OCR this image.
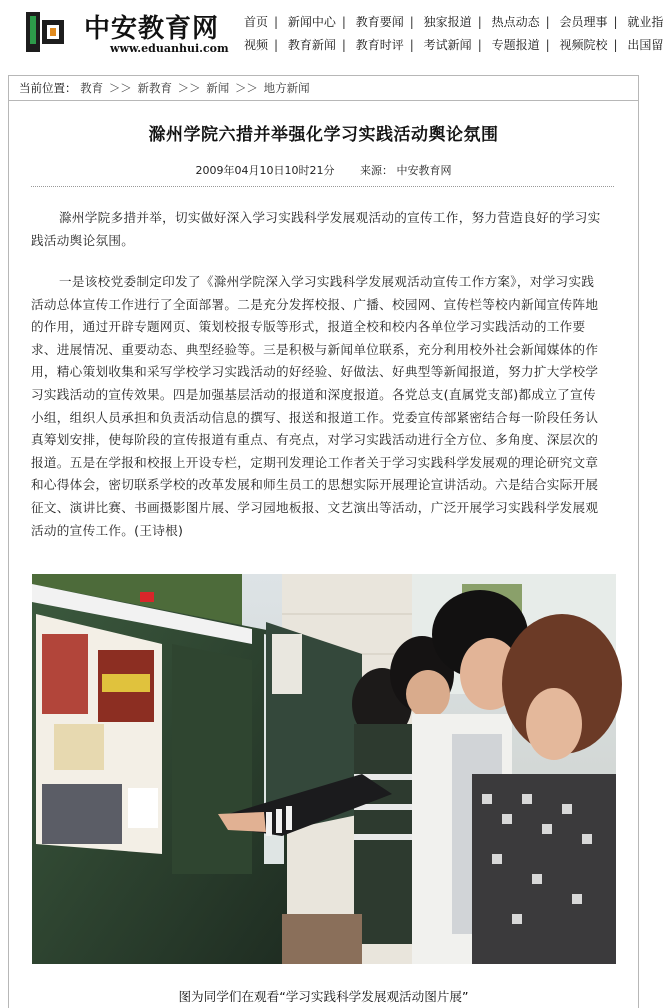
中安教育网
www.eduanhui.com
首页 | 新闻中心 | 教育要闻 | 独家报道 | 热点动态 | 会员理事 | 就业指
视频 | 教育新闻 | 教育时评 | 考试新闻 | 专题报道 | 视频院校 | 出国留
当前位置： 教育 ＞＞ 新教育 ＞＞ 新闻 ＞＞ 地方新闻
滁州学院六措并举强化学习实践活动舆论氛围
2009年04月10日10时21分 来源： 中安教育网

滁州学院多措并举，切实做好深入学习实践科学发展观活动的宣传工作，努力营造良好的学习实践活动舆论氛围。

一是该校党委制定印发了《滁州学院深入学习实践科学发展观活动宣传工作方案》，对学习实践活动总体宣传工作进行了全面部署。二是充分发挥校报、广播、校园网、宣传栏等校内新闻宣传阵地的作用，通过开辟专题网页、策划校报专版等形式，报道全校和校内各单位学习实践活动的工作要求、进展情况、重要动态、典型经验等。三是积极与新闻单位联系，充分利用校外社会新闻媒体的作用，精心策划收集和采写学校学习实践活动的好经验、好做法、好典型等新闻报道，努力扩大学校学习实践活动的宣传效果。四是加强基层活动的报道和深度报道。各党总支(直属党支部)都成立了宣传小组，组织人员承担和负责活动信息的撰写、报送和报道工作。党委宣传部紧密结合每一阶段任务认真筹划安排，使每阶段的宣传报道有重点、有亮点，对学习实践活动进行全方位、多角度、深层次的报道。五是在学报和校报上开设专栏，定期刊发理论工作者关于学习实践科学发展观的理论研究文章和心得体会，密切联系学校的改革发展和师生员工的思想实际开展理论宣讲活动。六是结合实际开展征文、演讲比赛、书画摄影图片展、学习园地板报、文艺演出等活动，广泛开展学习实践科学发展观活动的宣传工作。(王诗根)

图为同学们在观看“学习实践科学发展观活动图片展”
